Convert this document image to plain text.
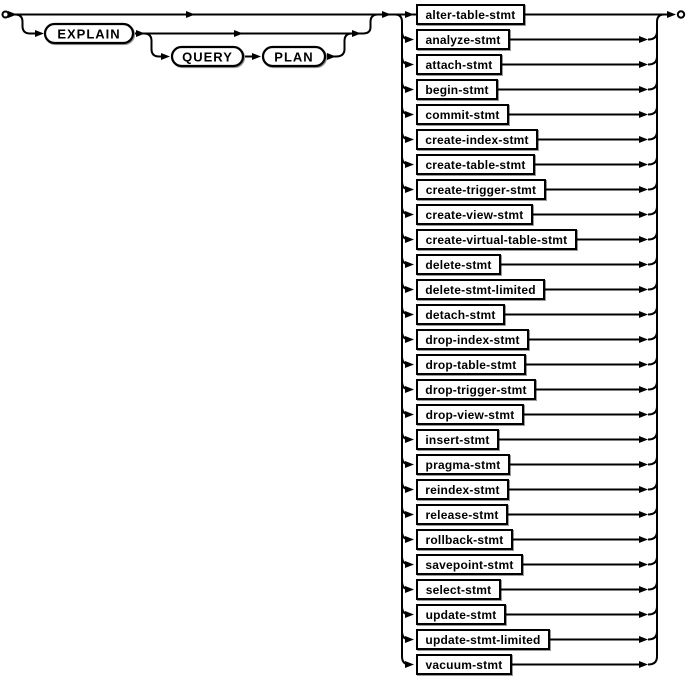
EXPLAIN
QUERY	PLAN
alter-table-stmt
analyze-stmt
attach-stmt
begin-stmt
commit-stmt
create-index-stmt
create-table-stmt
create-trigger-stmt
create-view-stmt
create-virtual-table-stmt
delete-stmt
delete-stmt-limited
detach-stmt
drop-index-stmt
drop-table-stmt
drop-trigger-stmt
drop-view-stmt
insert-stmt
pragma-stmt
reindex-stmt
release-stmt
rollback-stmt
savepoint-stmt
select-stmt
update-stmt
update-stmt-limited
vacuum-stmt
